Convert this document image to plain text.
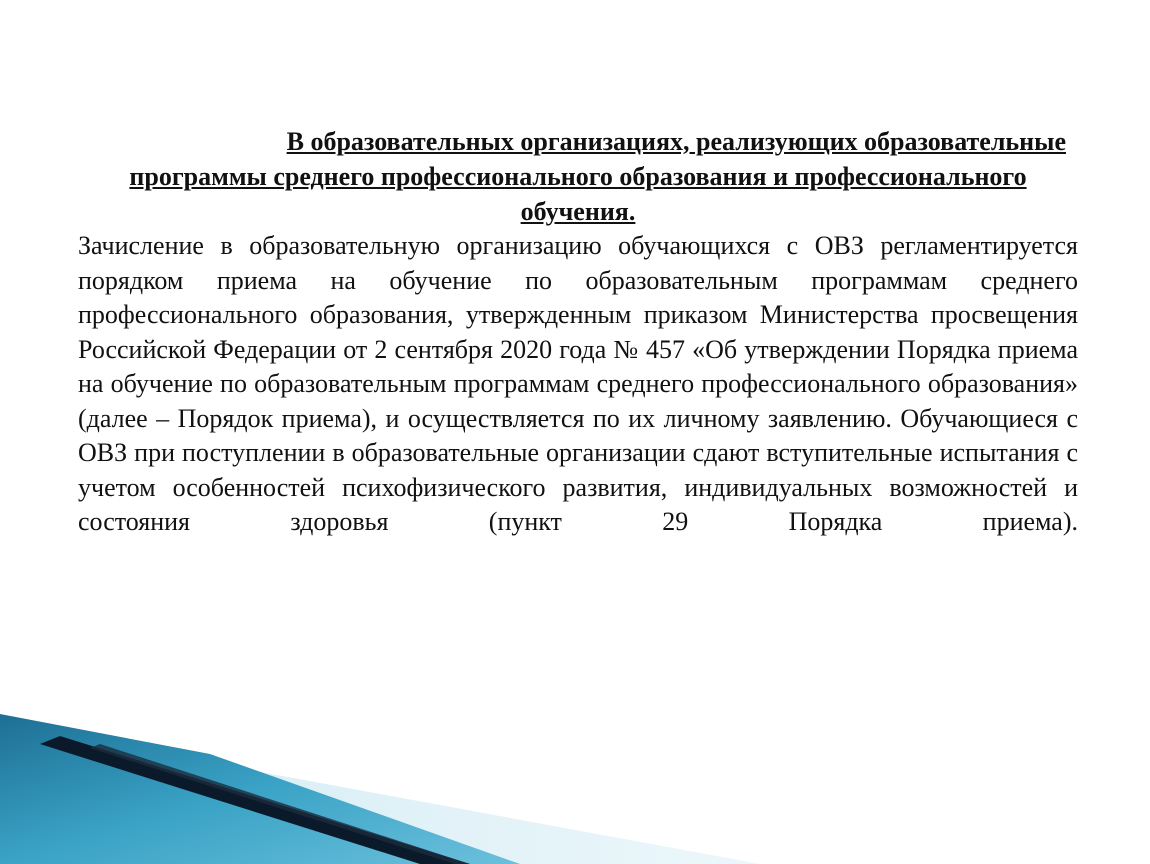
В образовательных организациях, реализующих образовательные
программы среднего профессионального образования и профессионального
обучения.

Зачисление в образовательную организацию обучающихся с ОВЗ регламентируется порядком приема на обучение по образовательным программам среднего профессионального образования, утвержденным приказом Министерства просвещения Российской Федерации от 2 сентября 2020 года № 457 «Об утверждении Порядка приема на обучение по образовательным программам среднего профессионального образования» (далее – Порядок приема), и осуществляется по их личному заявлению. Обучающиеся с ОВЗ при поступлении в образовательные организации сдают вступительные испытания с учетом особенностей психофизического развития, индивидуальных возможностей и состояния здоровья (пункт 29 Порядка приема).
